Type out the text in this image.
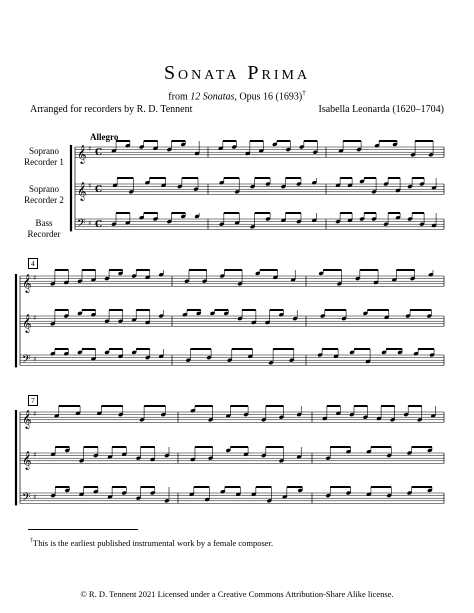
Sonata Prima
from 12 Sonatas, Opus 16 (1693)†
Arranged for recorders by R. D. Tennent	Isabella Leonarda (1620–1704)
Soprano
Recorder 1
Soprano
Recorder 2
Bass
Recorder
Allegro
4
7
𝄞 ♯ C
𝄞 ♯ C
𝄢 ♯ C
𝄞 ♯
𝄞 ♯
𝄢 ♯
𝄞 ♯
𝄞 ♯
𝄢 ♯
†This is the earliest published instrumental work by a female composer.
© R. D. Tennent 2021 Licensed under a Creative Commons Attribution-Share Alike license.
